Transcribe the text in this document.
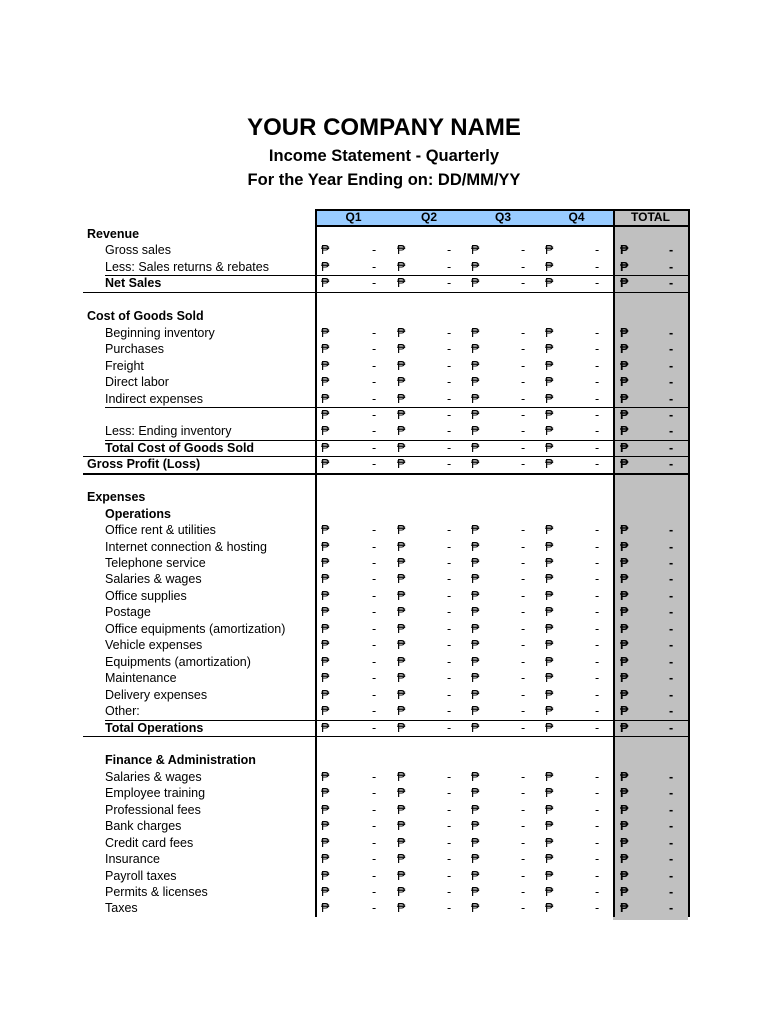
YOUR COMPANY NAME
Income Statement - Quarterly
For the Year Ending on: DD/MM/YY
Q1	Q2	Q3	Q4	TOTAL
Revenue
Gross sales	₱	- ₱	- ₱	- ₱	- ₱	-
Less: Sales returns & rebates	₱	- ₱	- ₱	- ₱	- ₱	-
Net Sales	₱	- ₱	- ₱	- ₱	- ₱	-
Cost of Goods Sold
Beginning inventory	₱	- ₱	- ₱	- ₱	- ₱	-
Purchases	₱	- ₱	- ₱	- ₱	- ₱	-
Freight	₱	- ₱	- ₱	- ₱	- ₱	-
Direct labor	₱	- ₱	- ₱	- ₱	- ₱	-
Indirect expenses	₱	- ₱	- ₱	- ₱	- ₱	-
₱	- ₱	- ₱	- ₱	- ₱	-
Less: Ending inventory	₱	- ₱	- ₱	- ₱	- ₱	-
Total Cost of Goods Sold	₱	- ₱	- ₱	- ₱	- ₱	-
Gross Profit (Loss)	₱	- ₱	- ₱	- ₱	- ₱	-
Expenses
Operations
Office rent & utilities	₱	- ₱	- ₱	- ₱	- ₱	-
Internet connection & hosting	₱	- ₱	- ₱	- ₱	- ₱	-
Telephone service	₱	- ₱	- ₱	- ₱	- ₱	-
Salaries & wages	₱	- ₱	- ₱	- ₱	- ₱	-
Office supplies	₱	- ₱	- ₱	- ₱	- ₱	-
Postage	₱	- ₱	- ₱	- ₱	- ₱	-
Office equipments (amortization)	₱	- ₱	- ₱	- ₱	- ₱	-
Vehicle expenses	₱	- ₱	- ₱	- ₱	- ₱	-
Equipments (amortization)	₱	- ₱	- ₱	- ₱	- ₱	-
Maintenance	₱	- ₱	- ₱	- ₱	- ₱	-
Delivery expenses	₱	- ₱	- ₱	- ₱	- ₱	-
Other:	₱	- ₱	- ₱	- ₱	- ₱	-
Total Operations	₱	- ₱	- ₱	- ₱	- ₱	-
Finance & Administration
Salaries & wages	₱	- ₱	- ₱	- ₱	- ₱	-
Employee training	₱	- ₱	- ₱	- ₱	- ₱	-
Professional fees	₱	- ₱	- ₱	- ₱	- ₱	-
Bank charges	₱	- ₱	- ₱	- ₱	- ₱	-
Credit card fees	₱	- ₱	- ₱	- ₱	- ₱	-
Insurance	₱	- ₱	- ₱	- ₱	- ₱	-
Payroll taxes	₱	- ₱	- ₱	- ₱	- ₱	-
Permits & licenses	₱	- ₱	- ₱	- ₱	- ₱	-
Taxes	₱	- ₱	- ₱	- ₱	- ₱	-
